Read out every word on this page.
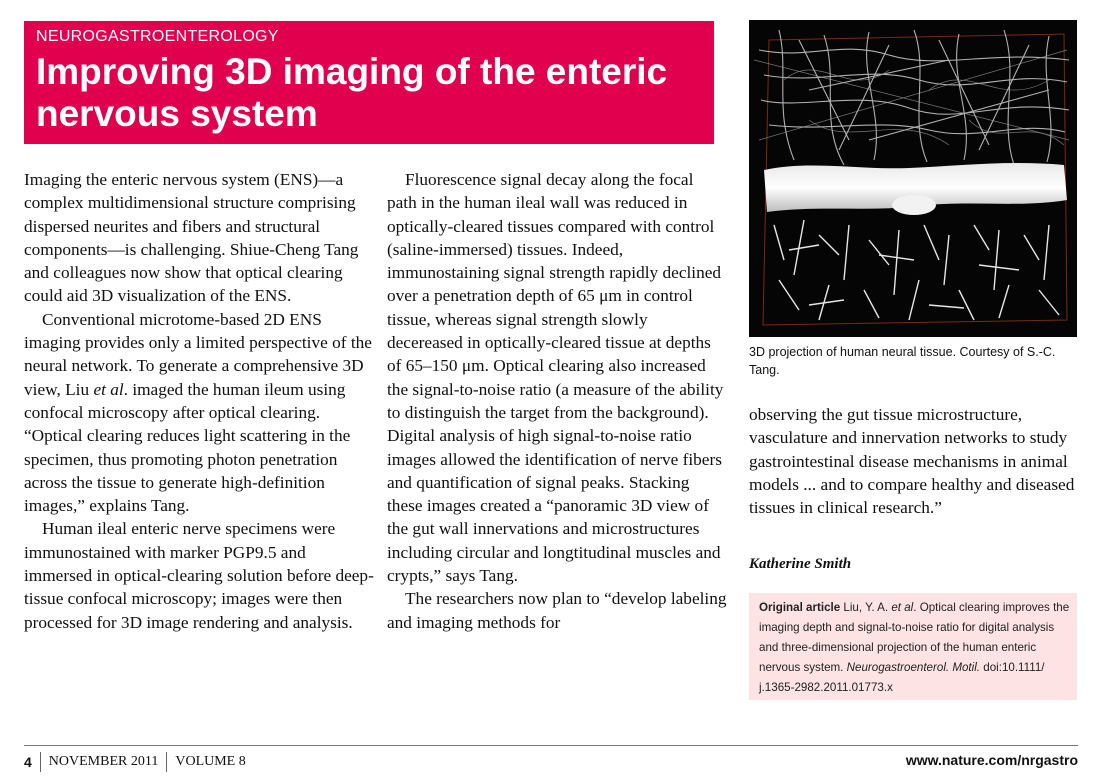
NEUROGASTROENTEROLOGY
Improving 3D imaging of the enteric nervous system

Imaging the enteric nervous system (ENS)—a complex multidimensional structure comprising dispersed neurites and fibers and structural components—is challenging. Shiue-Cheng Tang and colleagues now show that optical clearing could aid 3D visualization of the ENS.

Conventional microtome-based 2D ENS imaging provides only a limited perspective of the neural network. To generate a comprehensive 3D view, Liu et al. imaged the human ileum using confocal microscopy after optical clearing. “Optical clearing reduces light scattering in the specimen, thus promoting photon penetration across the tissue to generate high-definition images,” explains Tang.

Human ileal enteric nerve specimens were immunostained with marker PGP9.5 and immersed in optical-clearing solution before deep-tissue confocal microscopy; images were then processed for 3D image rendering and analysis.

Fluorescence signal decay along the focal path in the human ileal wall was reduced in optically-cleared tissues compared with control (saline-immersed) tissues. Indeed, immunostaining signal strength rapidly declined over a penetration depth of 65 μm in control tissue, whereas signal strength slowly decereased in optically-cleared tissue at depths of 65–150 μm. Optical clearing also increased the signal-to-noise ratio (a measure of the ability to distinguish the target from the background). Digital analysis of high signal-to-noise ratio images allowed the identification of nerve fibers and quantification of signal peaks. Stacking these images created a “panoramic 3D view of the gut wall innervations and microstructures including circular and longtitudinal muscles and crypts,” says Tang.

The researchers now plan to “develop labeling and imaging methods for

3D projection of human neural tissue. Courtesy of S.-C. Tang.

observing the gut tissue microstructure, vasculature and innervation networks to study gastrointestinal disease mechanisms in animal models ... and to compare healthy and diseased tissues in clinical research.”

Katherine Smith

Original article Liu, Y. A. et al. Optical clearing improves the imaging depth and signal-to-noise ratio for digital analysis and three-dimensional projection of the human enteric nervous system. Neurogastroenterol. Motil. doi:10.1111/ j.1365-2982.2011.01773.x

4 NOVEMBER 2011 VOLUME 8	www.nature.com/nrgastro
